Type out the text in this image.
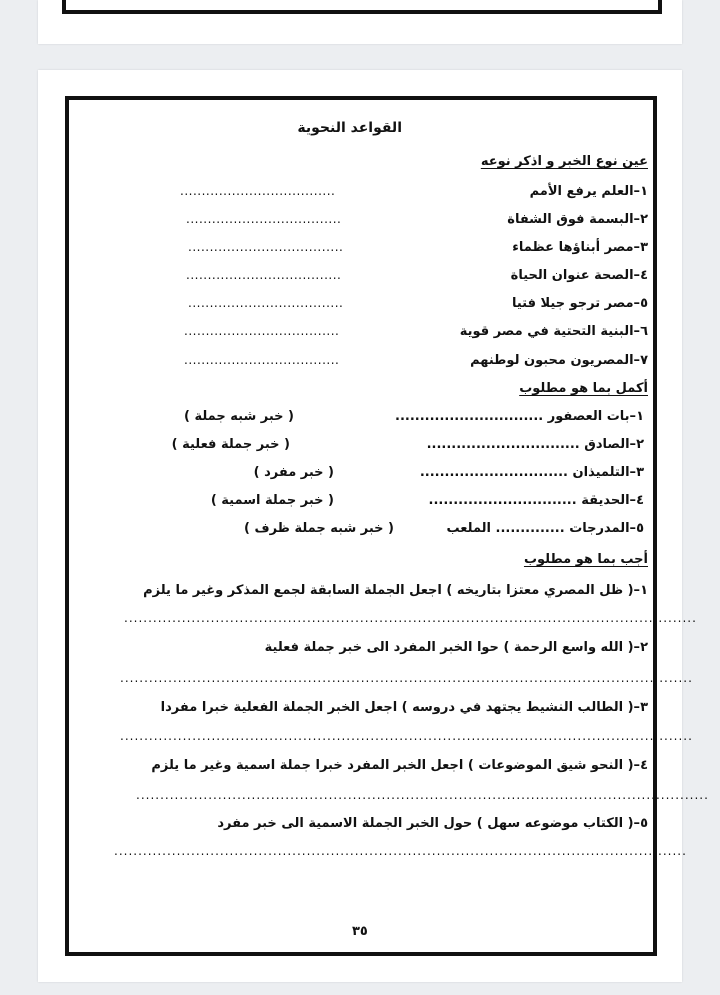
القواعد النحوية
عين نوع الخبر و اذكر نوعه
١–العلم يرفع الأمم
....................................
٢–البسمة فوق الشفاة
....................................
٣–مصر أبناؤها عظماء
....................................
٤–الصحة عنوان الحياة
....................................
٥–مصر ترجو جيلا فتيا
....................................
٦–البنية التحتية في مصر قوية
....................................
٧–المصريون محبون لوطنهم
....................................
أكمل بما هو مطلوب
١–بات العصفور ..............................
( خبر شبه جملة )
٢–الصادق ...............................
( خبر جملة فعلية )
٣–التلميذان ..............................
( خبر مفرد )
٤–الحديقة ..............................
( خبر جملة اسمية )
٥–المدرجات .............. الملعب
( خبر شبه جملة ظرف )
أجب بما هو مطلوب
١–( ظل المصري معتزا بتاريخه ) اجعل الجملة السابقة لجمع المذكر وغير ما يلزم
.......................................................................................................................
٢–( الله واسع الرحمة ) حوا الخبر المفرد الى خبر جملة فعلية
.......................................................................................................................
٣–( الطالب النشيط يجتهد في دروسه ) اجعل الخبر الجملة الفعلية خبرا مفردا
.......................................................................................................................
٤–( النحو شيق الموضوعات ) اجعل الخبر المفرد خبرا جملة اسمية وغير ما يلزم
.......................................................................................................................
٥–( الكتاب موضوعه سهل ) حول الخبر الجملة الاسمية الى خبر مفرد
.......................................................................................................................
٣٥
